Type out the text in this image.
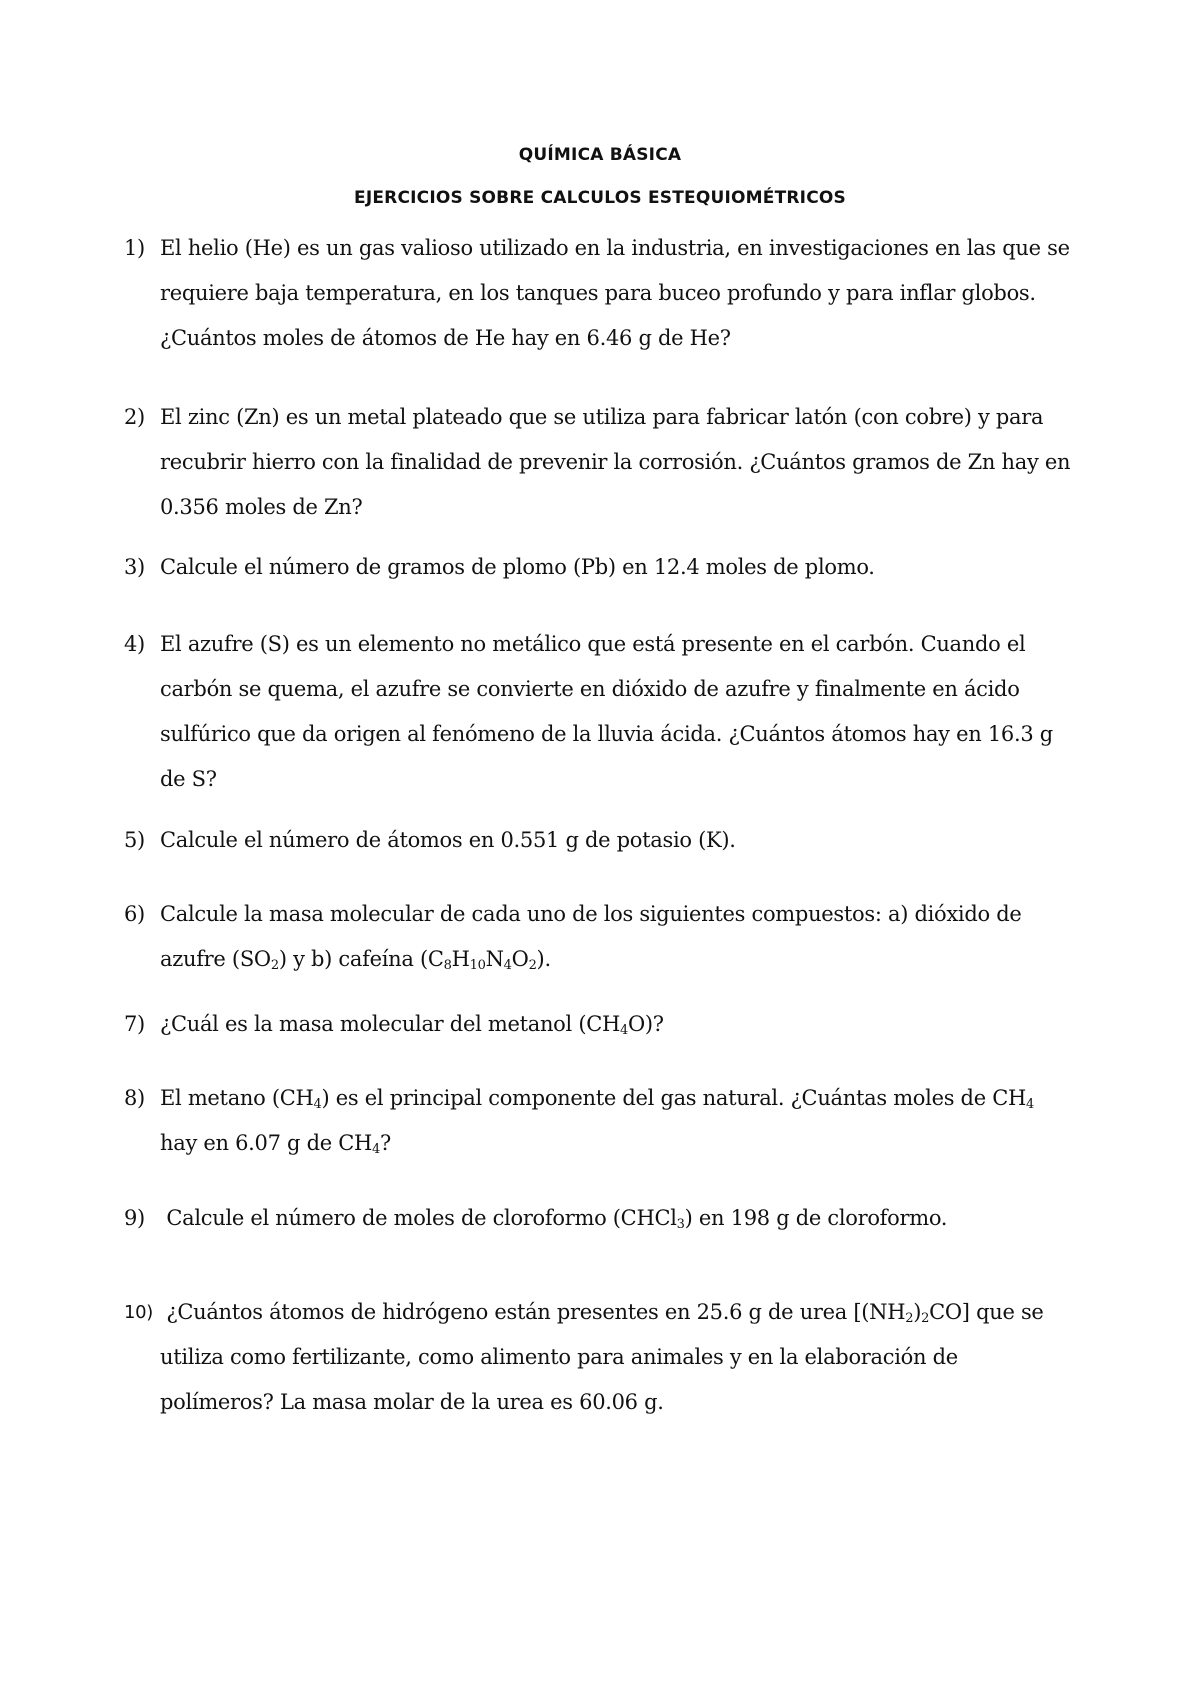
QUÍMICA BÁSICA
EJERCICIOS SOBRE CALCULOS ESTEQUIOMÉTRICOS
1) El helio (He) es un gas valioso utilizado en la industria, en investigaciones en las que se
requiere baja temperatura, en los tanques para buceo profundo y para inflar globos.
¿Cuántos moles de átomos de He hay en 6.46 g de He?
2) El zinc (Zn) es un metal plateado que se utiliza para fabricar latón (con cobre) y para
recubrir hierro con la finalidad de prevenir la corrosión. ¿Cuántos gramos de Zn hay en
0.356 moles de Zn?
3) Calcule el número de gramos de plomo (Pb) en 12.4 moles de plomo.
4) El azufre (S) es un elemento no metálico que está presente en el carbón. Cuando el
carbón se quema, el azufre se convierte en dióxido de azufre y finalmente en ácido
sulfúrico que da origen al fenómeno de la lluvia ácida. ¿Cuántos átomos hay en 16.3 g
de S?
5) Calcule el número de átomos en 0.551 g de potasio (K).
6) Calcule la masa molecular de cada uno de los siguientes compuestos: a) dióxido de
azufre $(SO_2)$ y b) cafeína $(C_8H_{10}N_4O_2)$.
7) ¿Cuál es la masa molecular del metanol $(CH_4O)$?
8) El metano $(CH_4)$ es el principal componente del gas natural. ¿Cuántas moles de $CH_4$
hay en 6.07 g de $CH_4$?
9) Calcule el número de moles de cloroformo (CHCl$_3$) en 198 g de cloroformo.
10) ¿Cuántos átomos de hidrógeno están presentes en 25.6 g de urea $[(NH_2)_2CO]$ que se
utiliza como fertilizante, como alimento para animales y en la elaboración de
polímeros? La masa molar de la urea es 60.06 g.
